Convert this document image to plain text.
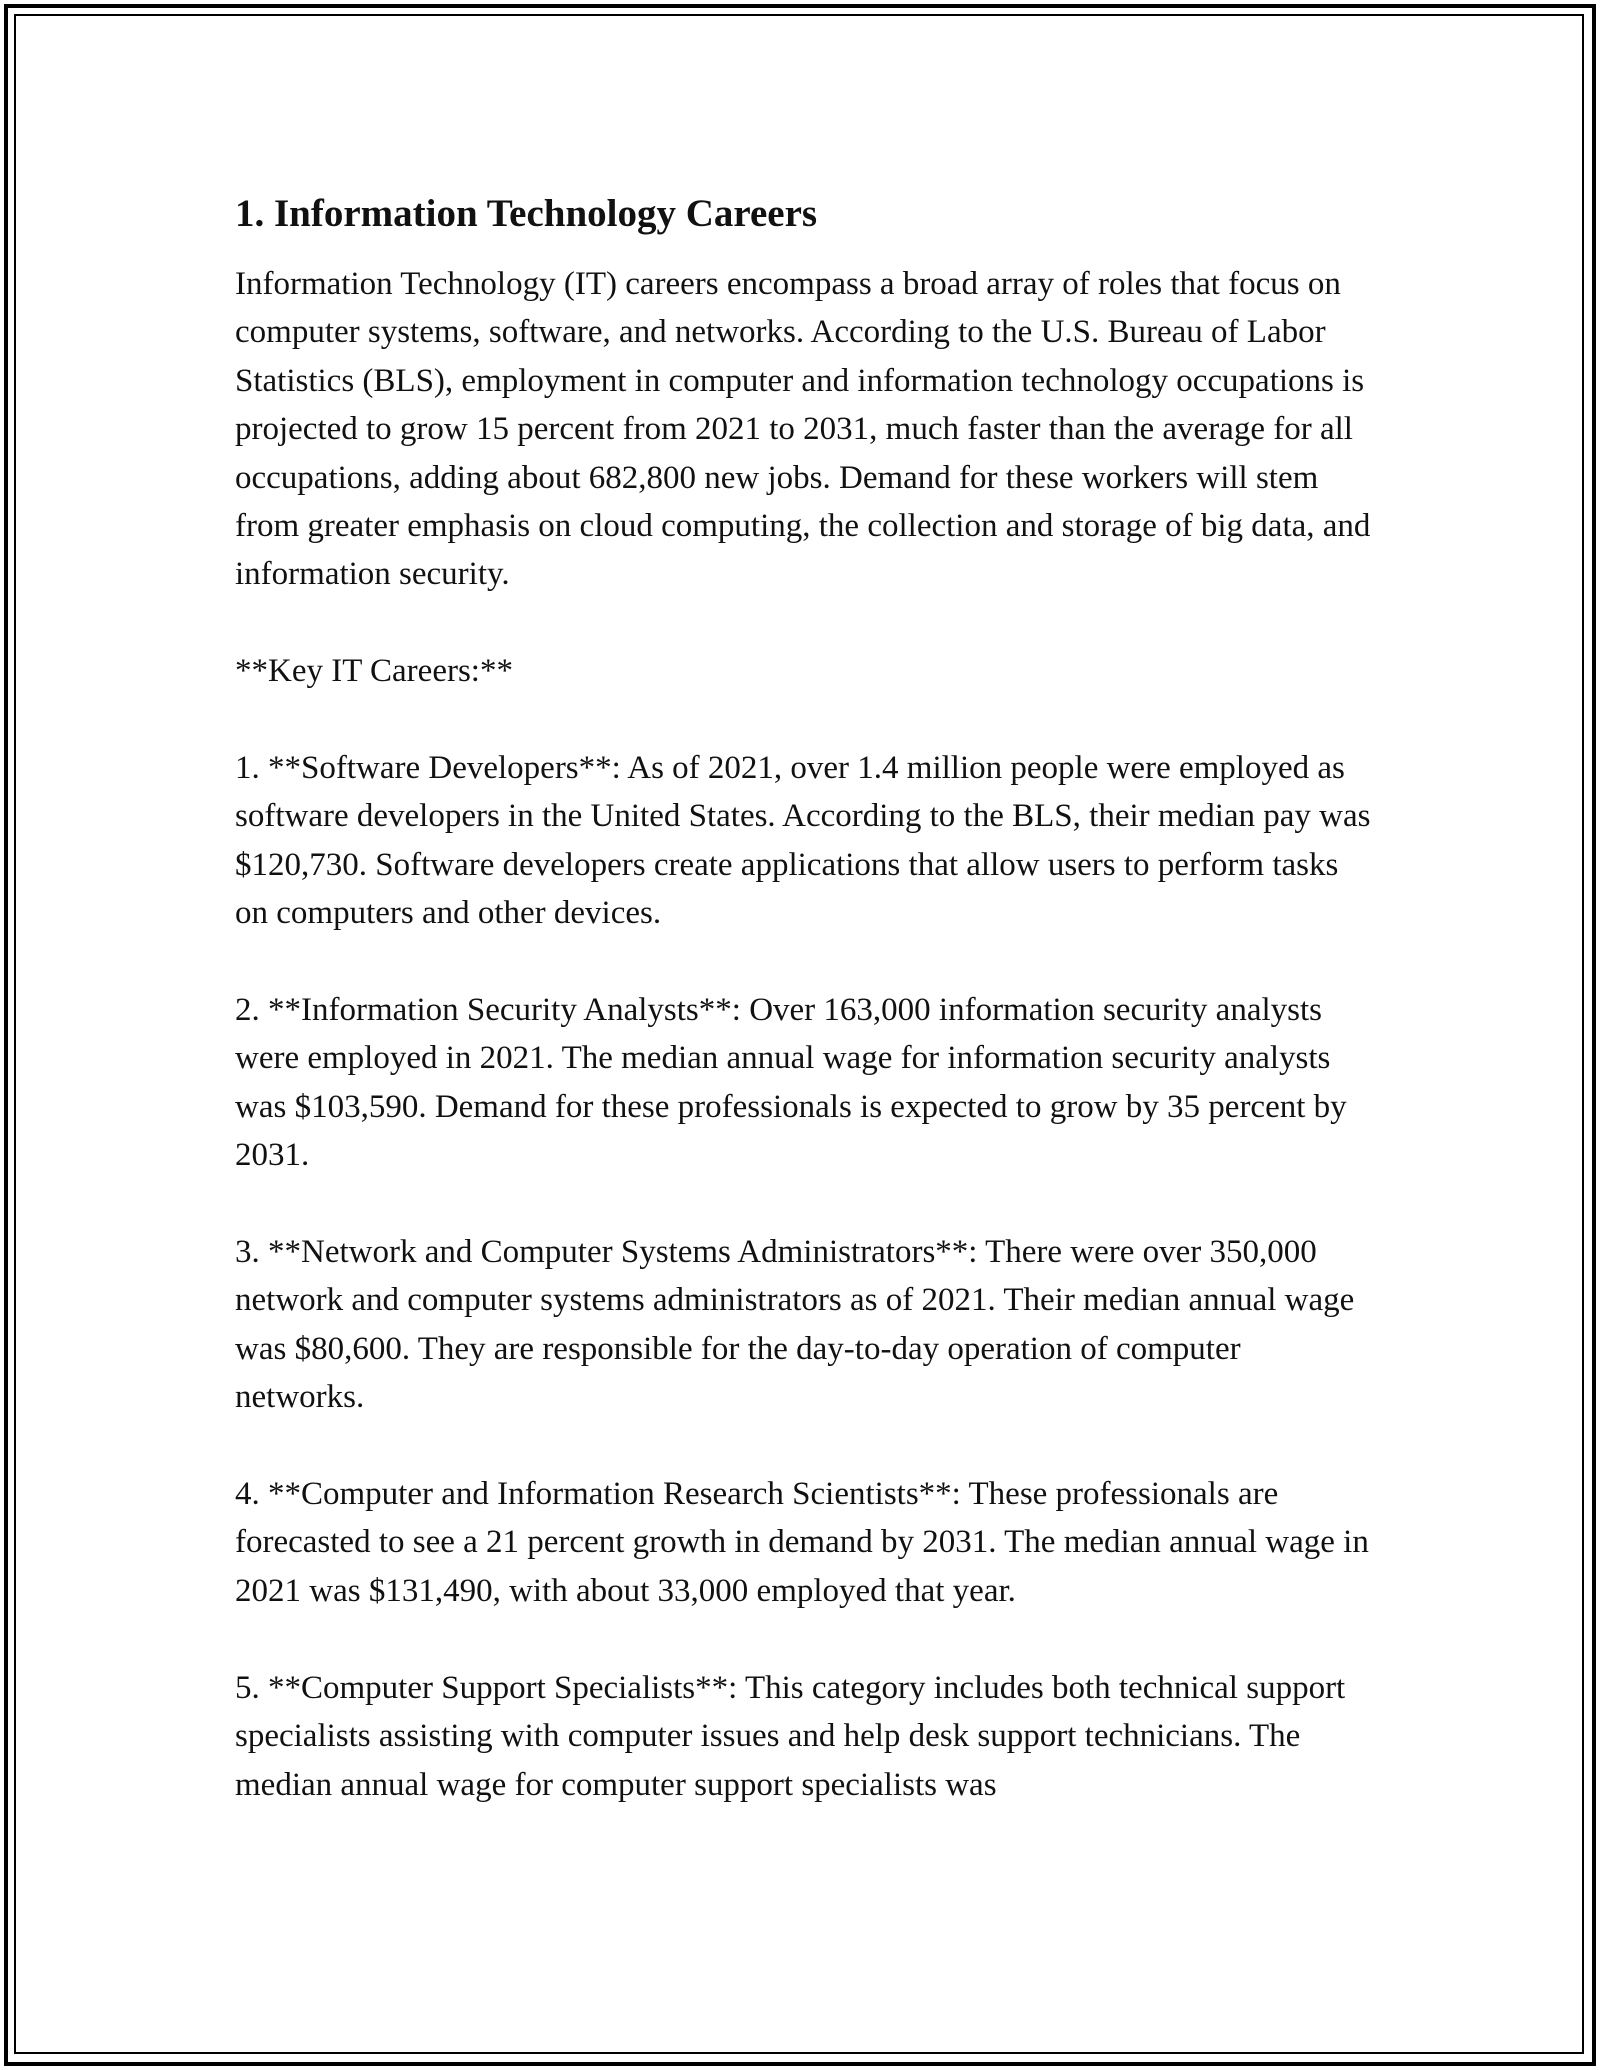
1. Information Technology Careers

Information Technology (IT) careers encompass a broad array of roles that focus on computer systems, software, and networks. According to the U.S. Bureau of Labor Statistics (BLS), employment in computer and information technology occupations is projected to grow 15 percent from 2021 to 2031, much faster than the average for all occupations, adding about 682,800 new jobs. Demand for these workers will stem from greater emphasis on cloud computing, the collection and storage of big data, and information security.

**Key IT Careers:**

1. **Software Developers**: As of 2021, over 1.4 million people were employed as software developers in the United States. According to the BLS, their median pay was $120,730. Software developers create applications that allow users to perform tasks on computers and other devices.

2. **Information Security Analysts**: Over 163,000 information security analysts were employed in 2021. The median annual wage for information security analysts was $103,590. Demand for these professionals is expected to grow by 35 percent by 2031.

3. **Network and Computer Systems Administrators**: There were over 350,000 network and computer systems administrators as of 2021. Their median annual wage was $80,600. They are responsible for the day-to-day operation of computer networks.

4. **Computer and Information Research Scientists**: These professionals are forecasted to see a 21 percent growth in demand by 2031. The median annual wage in 2021 was $131,490, with about 33,000 employed that year.

5. **Computer Support Specialists**: This category includes both technical support specialists assisting with computer issues and help desk support technicians. The median annual wage for computer support specialists was
